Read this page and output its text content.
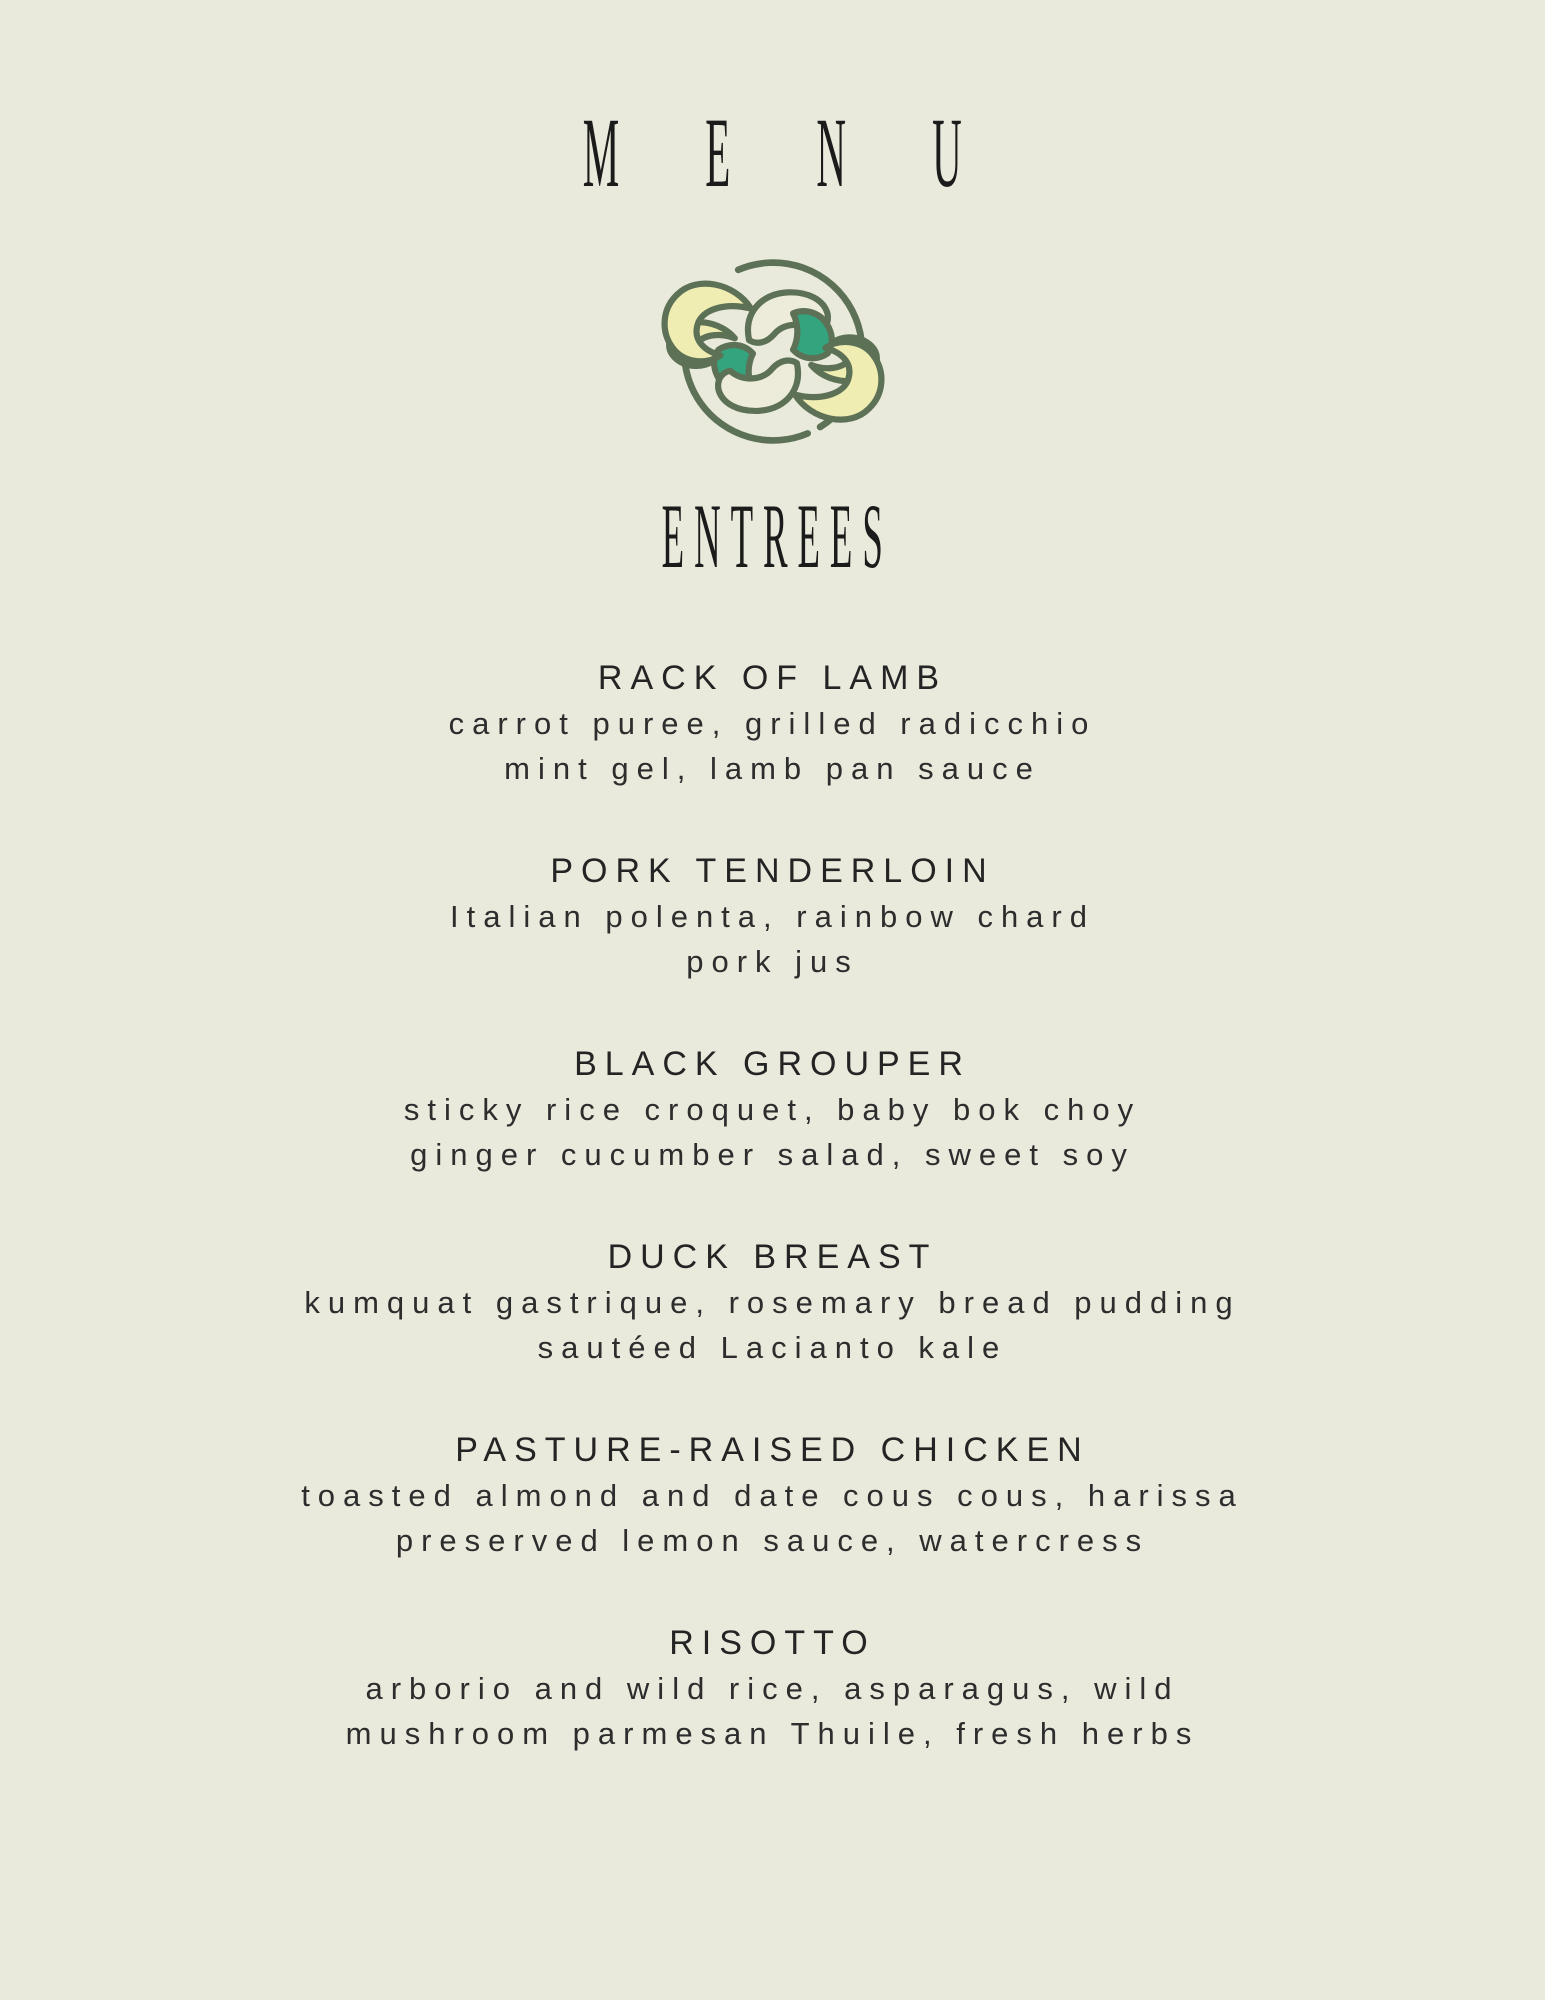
MENU
ENTREES
RACK OF LAMB

carrot puree, grilled radicchio

mint gel, lamb pan sauce

PORK TENDERLOIN

Italian polenta, rainbow chard

pork jus

BLACK GROUPER

sticky rice croquet, baby bok choy

ginger cucumber salad, sweet soy

DUCK BREAST

kumquat gastrique, rosemary bread pudding

sautéed Lacianto kale

PASTURE-RAISED CHICKEN

toasted almond and date cous cous, harissa

preserved lemon sauce, watercress

RISOTTO

arborio and wild rice, asparagus, wild

mushroom parmesan Thuile, fresh herbs
